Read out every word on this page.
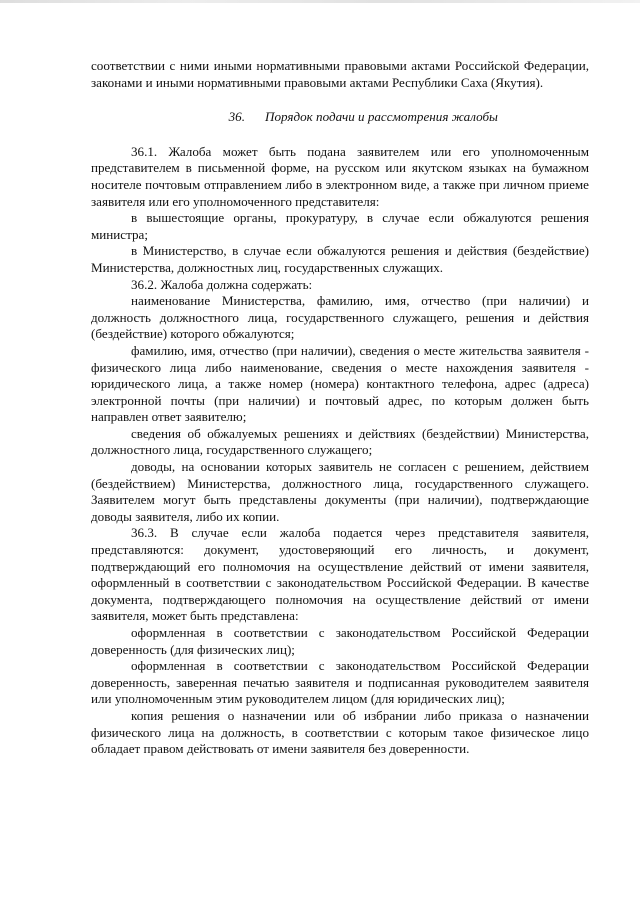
соответствии с ними иными нормативными правовыми актами Российской Федерации, законами и иными нормативными правовыми актами Республики Саха (Якутия).

36.	Порядок подачи и рассмотрения жалобы

36.1. Жалоба может быть подана заявителем или его уполномоченным представителем в письменной форме, на русском или якутском языках на бумажном носителе почтовым отправлением либо в электронном виде, а также при личном приеме заявителя или его уполномоченного представителя:

в вышестоящие органы, прокуратуру, в случае если обжалуются решения министра;

в Министерство, в случае если обжалуются решения и действия (бездействие) Министерства, должностных лиц, государственных служащих.

36.2. Жалоба должна содержать:

наименование Министерства, фамилию, имя, отчество (при наличии) и должность должностного лица, государственного служащего, решения и действия (бездействие) которого обжалуются;

фамилию, имя, отчество (при наличии), сведения о месте жительства заявителя - физического лица либо наименование, сведения о месте нахождения заявителя - юридического лица, а также номер (номера) контактного телефона, адрес (адреса) электронной почты (при наличии) и почтовый адрес, по которым должен быть направлен ответ заявителю;

сведения об обжалуемых решениях и действиях (бездействии) Министерства, должностного лица, государственного служащего;

доводы, на основании которых заявитель не согласен с решением, действием (бездействием) Министерства, должностного лица, государственного служащего. Заявителем могут быть представлены документы (при наличии), подтверждающие доводы заявителя, либо их копии.

36.3. В случае если жалоба подается через представителя заявителя, представляются: документ, удостоверяющий его личность, и документ, подтверждающий его полномочия на осуществление действий от имени заявителя, оформленный в соответствии с законодательством Российской Федерации. В качестве документа, подтверждающего полномочия на осуществление действий от имени заявителя, может быть представлена:

оформленная в соответствии с законодательством Российской Федерации доверенность (для физических лиц);

оформленная в соответствии с законодательством Российской Федерации доверенность, заверенная печатью заявителя и подписанная руководителем заявителя или уполномоченным этим руководителем лицом (для юридических лиц);

копия решения о назначении или об избрании либо приказа о назначении физического лица на должность, в соответствии с которым такое физическое лицо обладает правом действовать от имени заявителя без доверенности.
